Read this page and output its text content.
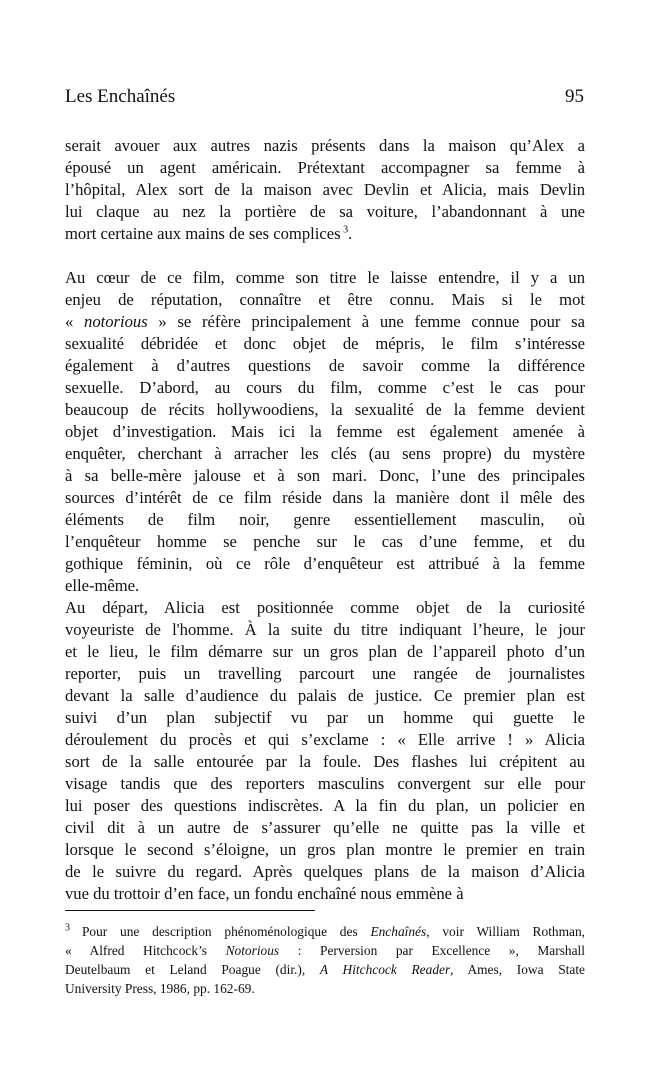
Les Enchaînés	95
serait avouer aux autres nazis présents dans la maison qu’Alex a
épousé un agent américain. Prétextant accompagner sa femme à
l’hôpital, Alex sort de la maison avec Devlin et Alicia, mais Devlin
lui claque au nez la portière de sa voiture, l’abandonnant à une
mort certaine aux mains de ses complices $^3$.
Au cœur de ce film, comme son titre le laisse entendre, il y a un
enjeu de réputation, connaître et être connu. Mais si le mot
« notorious » se réfère principalement à une femme connue pour sa
sexualité débridée et donc objet de mépris, le film s’intéresse
également à d’autres questions de savoir comme la différence
sexuelle. D’abord, au cours du film, comme c’est le cas pour
beaucoup de récits hollywoodiens, la sexualité de la femme devient
objet d’investigation. Mais ici la femme est également amenée à
enquêter, cherchant à arracher les clés (au sens propre) du mystère
à sa belle-mère jalouse et à son mari. Donc, l’une des principales
sources d’intérêt de ce film réside dans la manière dont il mêle des
éléments de film noir, genre essentiellement masculin, où
l’enquêteur homme se penche sur le cas d’une femme, et du
gothique féminin, où ce rôle d’enquêteur est attribué à la femme
elle-même.
Au départ, Alicia est positionnée comme objet de la curiosité
voyeuriste de l'homme. À la suite du titre indiquant l’heure, le jour
et le lieu, le film démarre sur un gros plan de l’appareil photo d’un
reporter, puis un travelling parcourt une rangée de journalistes
devant la salle d’audience du palais de justice. Ce premier plan est
suivi d’un plan subjectif vu par un homme qui guette le
déroulement du procès et qui s’exclame : « Elle arrive ! » Alicia
sort de la salle entourée par la foule. Des flashes lui crépitent au
visage tandis que des reporters masculins convergent sur elle pour
lui poser des questions indiscrètes. A la fin du plan, un policier en
civil dit à un autre de s’assurer qu’elle ne quitte pas la ville et
lorsque le second s’éloigne, un gros plan montre le premier en train
de le suivre du regard. Après quelques plans de la maison d’Alicia
vue du trottoir d’en face, un fondu enchaîné nous emmène à
$^3$ Pour une description phénoménologique des Enchaînés, voir William Rothman,
« Alfred Hitchcock’s Notorious : Perversion par Excellence », Marshall
Deutelbaum et Leland Poague (dir.), A Hitchcock Reader, Ames, Iowa State
University Press, 1986, pp. 162-69.
